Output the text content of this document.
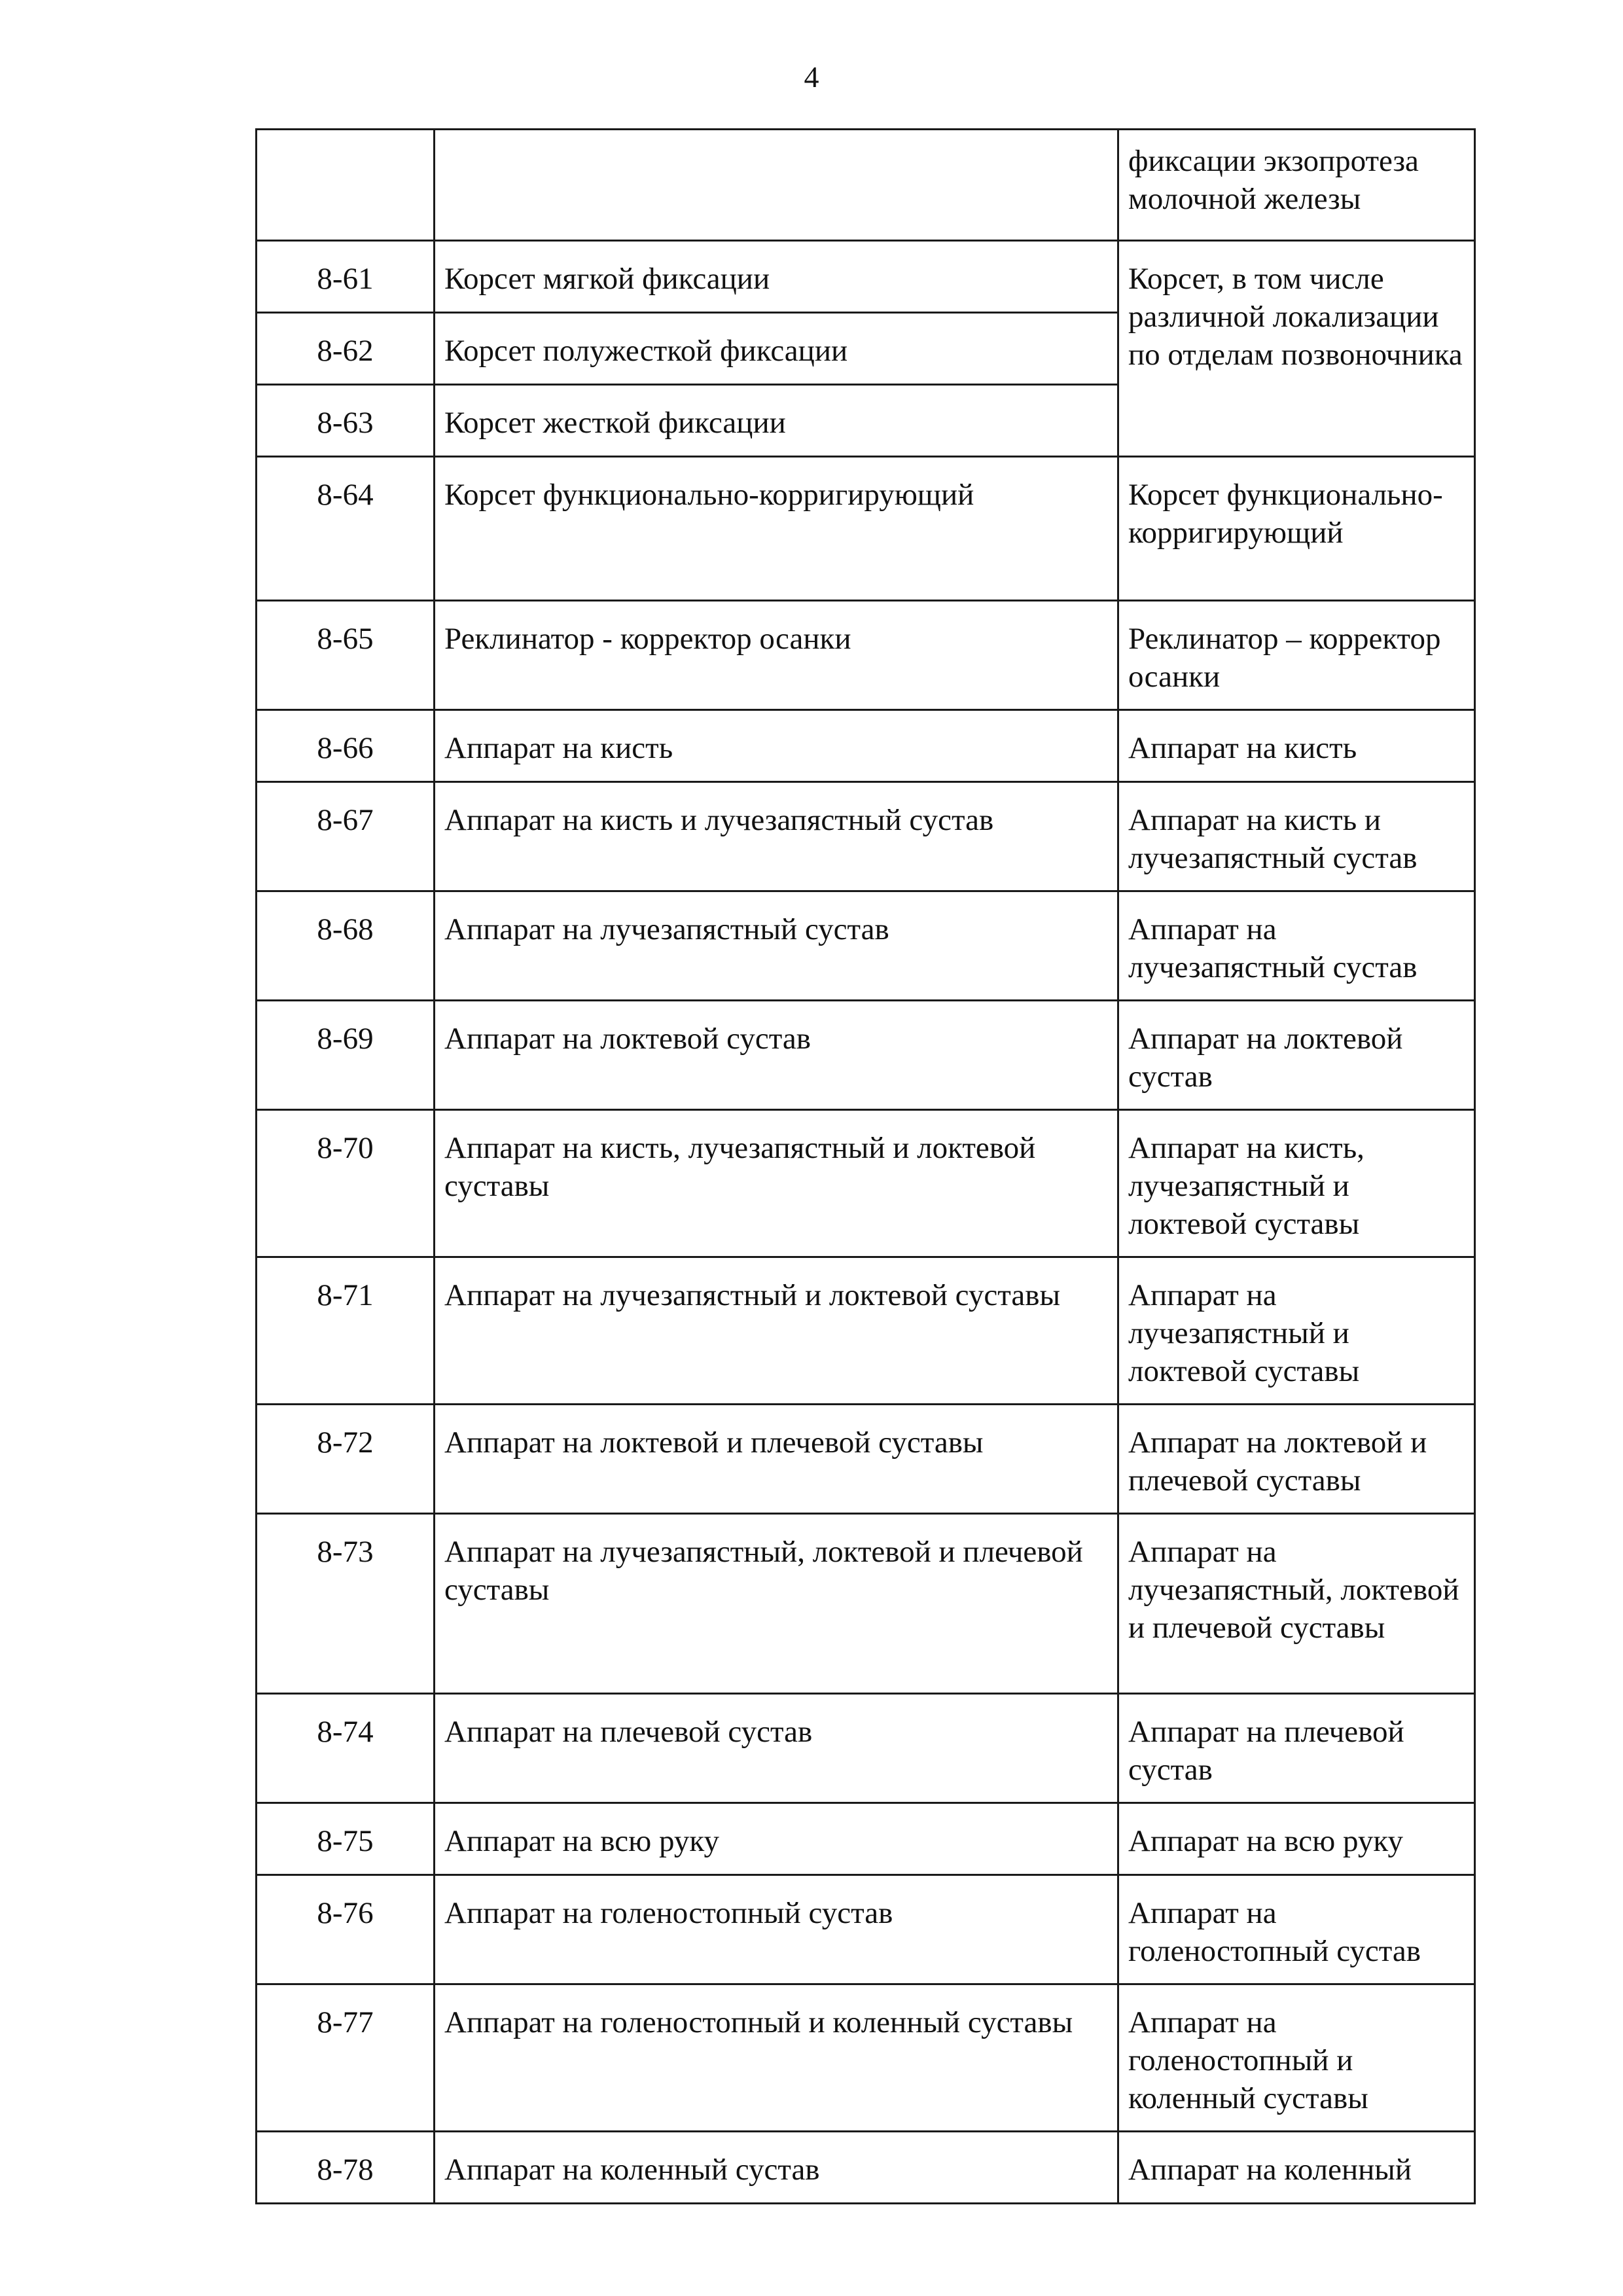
4
		фиксации экзопротеза молочной железы
8-61	Корсет мягкой фиксации	Корсет, в том числе различной локализации по отделам позвоночника
8-62	Корсет полужесткой фиксации	
8-63	Корсет жесткой фиксации	
8-64	Корсет функционально-корригирующий	Корсет функционально-корригирующий
8-65	Реклинатор - корректор осанки	Реклинатор – корректор осанки
8-66	Аппарат на кисть	Аппарат на кисть
8-67	Аппарат на кисть и лучезапястный сустав	Аппарат на кисть и лучезапястный сустав
8-68	Аппарат на лучезапястный сустав	Аппарат на лучезапястный сустав
8-69	Аппарат на локтевой сустав	Аппарат на локтевой сустав
8-70	Аппарат на кисть, лучезапястный и локтевой суставы	Аппарат на кисть, лучезапястный и локтевой суставы
8-71	Аппарат на лучезапястный и локтевой суставы	Аппарат на лучезапястный и локтевой суставы
8-72	Аппарат на локтевой и плечевой суставы	Аппарат на локтевой и плечевой суставы
8-73	Аппарат на лучезапястный, локтевой и плечевой суставы	Аппарат на лучезапястный, локтевой и плечевой суставы
8-74	Аппарат на плечевой сустав	Аппарат на плечевой сустав
8-75	Аппарат на всю руку	Аппарат на всю руку
8-76	Аппарат на голеностопный сустав	Аппарат на голеностопный сустав
8-77	Аппарат на голеностопный и коленный суставы	Аппарат на голеностопный и коленный суставы
8-78	Аппарат на коленный сустав	Аппарат на коленный
